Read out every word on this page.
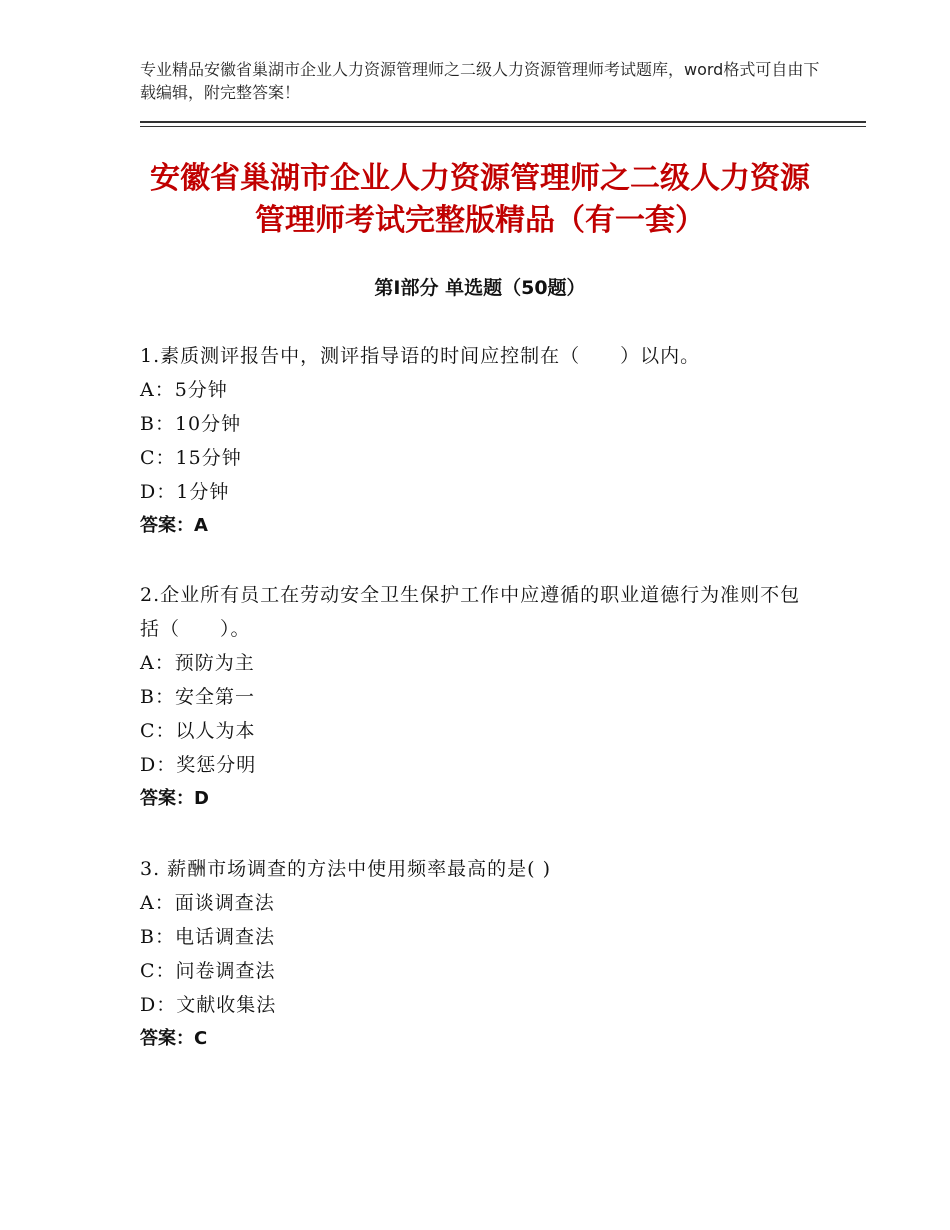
专业精品安徽省巢湖市企业人力资源管理师之二级人力资源管理师考试题库，word格式可自由下载编辑，附完整答案！
安徽省巢湖市企业人力资源管理师之二级人力资源管理师考试完整版精品（有一套）
第Ⅰ部分 单选题（50题）

1.素质测评报告中，测评指导语的时间应控制在（　　）以内。

A：5分钟

B：10分钟

C：15分钟

D：1分钟

答案：A

2.企业所有员工在劳动安全卫生保护工作中应遵循的职业道德行为准则不包括（　　）。

A：预防为主

B：安全第一

C：以人为本

D：奖惩分明

答案：D

3. 薪酬市场调查的方法中使用频率最高的是( )

A：面谈调查法

B：电话调查法

C：问卷调查法

D：文献收集法

答案：C
